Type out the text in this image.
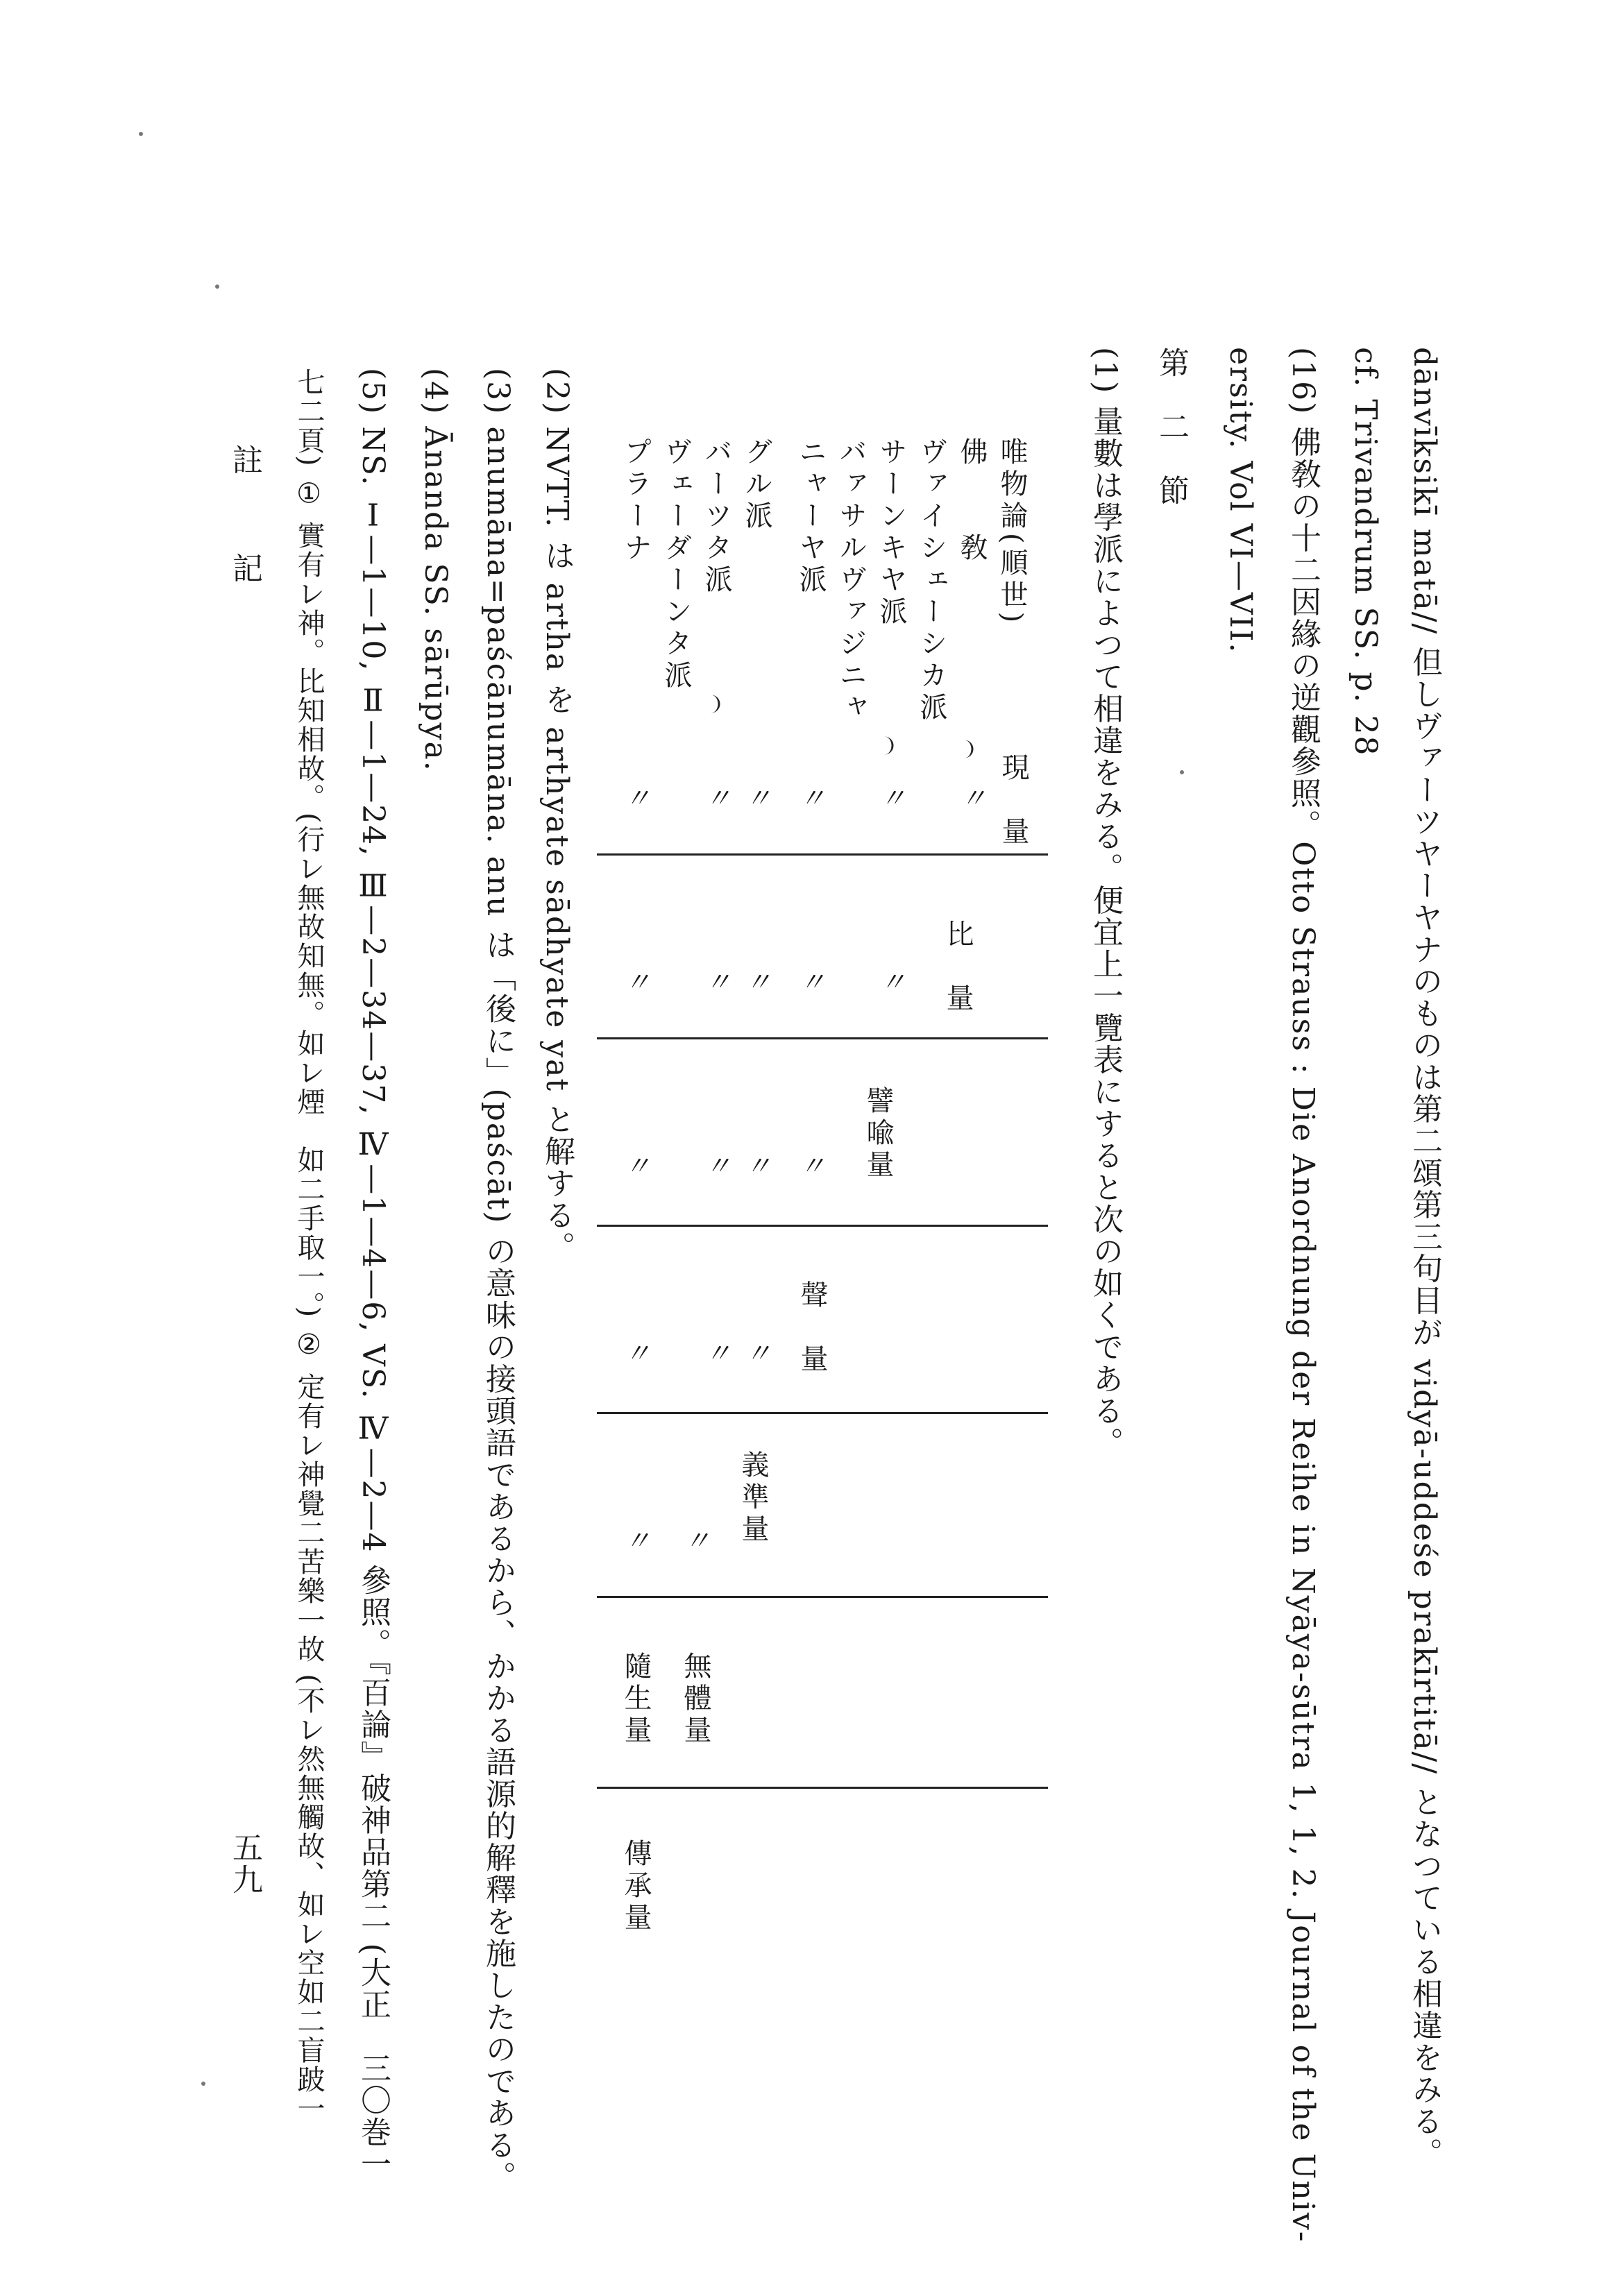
dānvīksikī matā// 但しヴァーツヤーヤナのものは第二頌第三句目が vidyā-uddeśe prakīrtitā// となつている相違をみる。
cf. Trivandrum SS. p. 28
(16) 佛敎の十二因緣の逆觀參照。Otto Strauss : Die Anordnung der Reihe in Nyāya-sūtra 1, 1, 2. Journal of the Univ-
ersity. Vol VI—VII.
第　二　節
(1) 量數は學派によつて相違をみる。便宜上一覽表にすると次の如くである。
唯物論(順世)
佛　　敎
ヴァイシェーシカ派
サーンキヤ派
バァサルヴァジニャ
ニャーヤ派
グル派
バーツタ派
ヴェーダーンタ派
プラーナ
現　量
比　量
譬喩量
聲　量
義準量
無體量
隨生量
傳承量
〃
〃
〃
〃
〃
〃
〃
〃
〃
〃
〃
〃
〃
〃
〃
〃
〃
〃
〃
〃
(2) NVTT. は artha を arthyate sādhyate yat と解する。
(3) anumāna=paścānumāna. anu は「後に」(paścāt) の意味の接頭語であるから、かかる語源的解釋を施したのである。
(4) Ānanda SS. sārūpya.
(5) NS. Ⅰ—1—10, Ⅱ—1—24, Ⅲ—2—34—37, Ⅳ—1—4—6, VS. Ⅳ—2—4 參照。『百論』破神品第二 (大正　三〇巻一
七二頁) ① 實有レ神。比知相故。(行レ無故知無。如レ煙　如二手取一。) ② 定有レ神覺二苦樂一故 (不レ然無觸故、如レ空如二盲跛一
註　　記
五九
